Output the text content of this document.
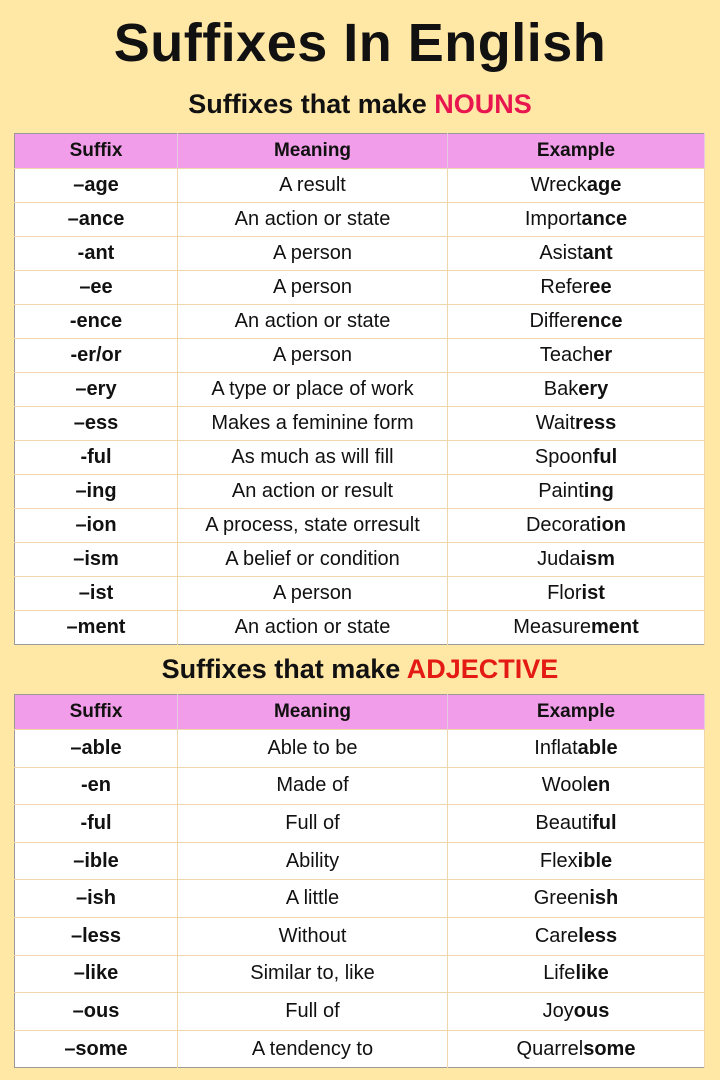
Suffixes In English
Suffixes that make NOUNS
Suffix	Meaning	Example
–age	A result	Wreckage
–ance	An action or state	Importance
-ant	A person	Asistant
–ee	A person	Referee
-ence	An action or state	Difference
-er/or	A person	Teacher
–ery	A type or place of work	Bakery
–ess	Makes a feminine form	Waitress
-ful	As much as will fill	Spoonful
–ing	An action or result	Painting
–ion	A process, state orresult	Decoration
–ism	A belief or condition	Judaism
–ist	A person	Florist
–ment	An action or state	Measurement
Suffixes that make ADJECTIVE
Suffix	Meaning	Example
–able	Able to be	Inflatable
-en	Made of	Woolen
-ful	Full of	Beautiful
–ible	Ability	Flexible
–ish	A little	Greenish
–less	Without	Careless
–like	Similar to, like	Lifelike
–ous	Full of	Joyous
–some	A tendency to	Quarrelsome
